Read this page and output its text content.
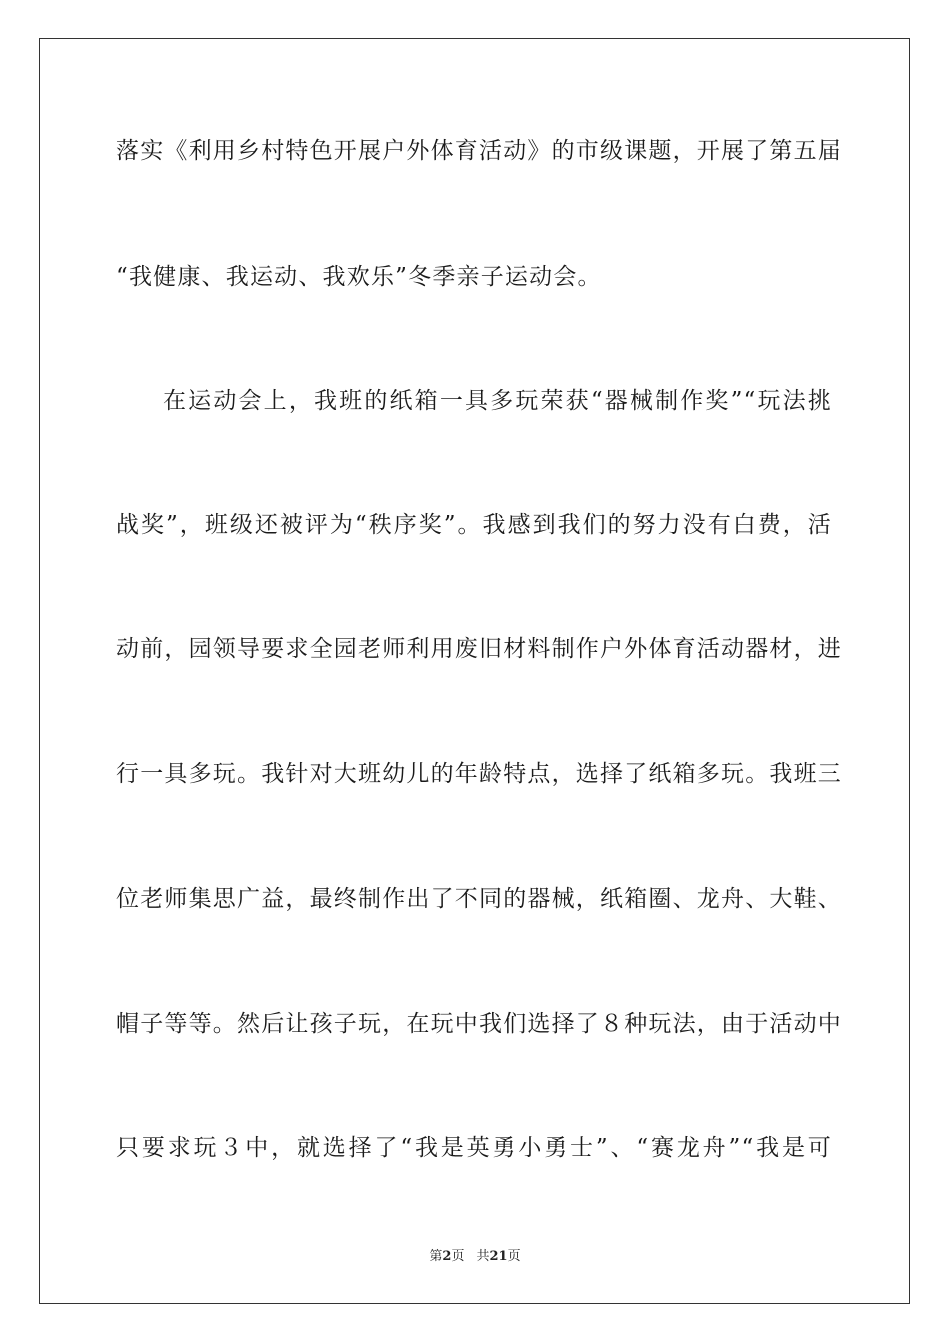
落实《利用乡村特色开展户外体育活动》的市级课题，开展了第五届
“我健康、我运动、我欢乐”冬季亲子运动会。
在运动会上，我班的纸箱一具多玩荣获“器械制作奖”“玩法挑
战奖”，班级还被评为“秩序奖”。我感到我们的努力没有白费，活
动前，园领导要求全园老师利用废旧材料制作户外体育活动器材，进
行一具多玩。我针对大班幼儿的年龄特点，选择了纸箱多玩。我班三
位老师集思广益，最终制作出了不同的器械，纸箱圈、龙舟、大鞋、
帽子等等。然后让孩子玩，在玩中我们选择了８种玩法，由于活动中
只要求玩３中，就选择了“我是英勇小勇士”、“赛龙舟”“我是可
第2页 共21页
